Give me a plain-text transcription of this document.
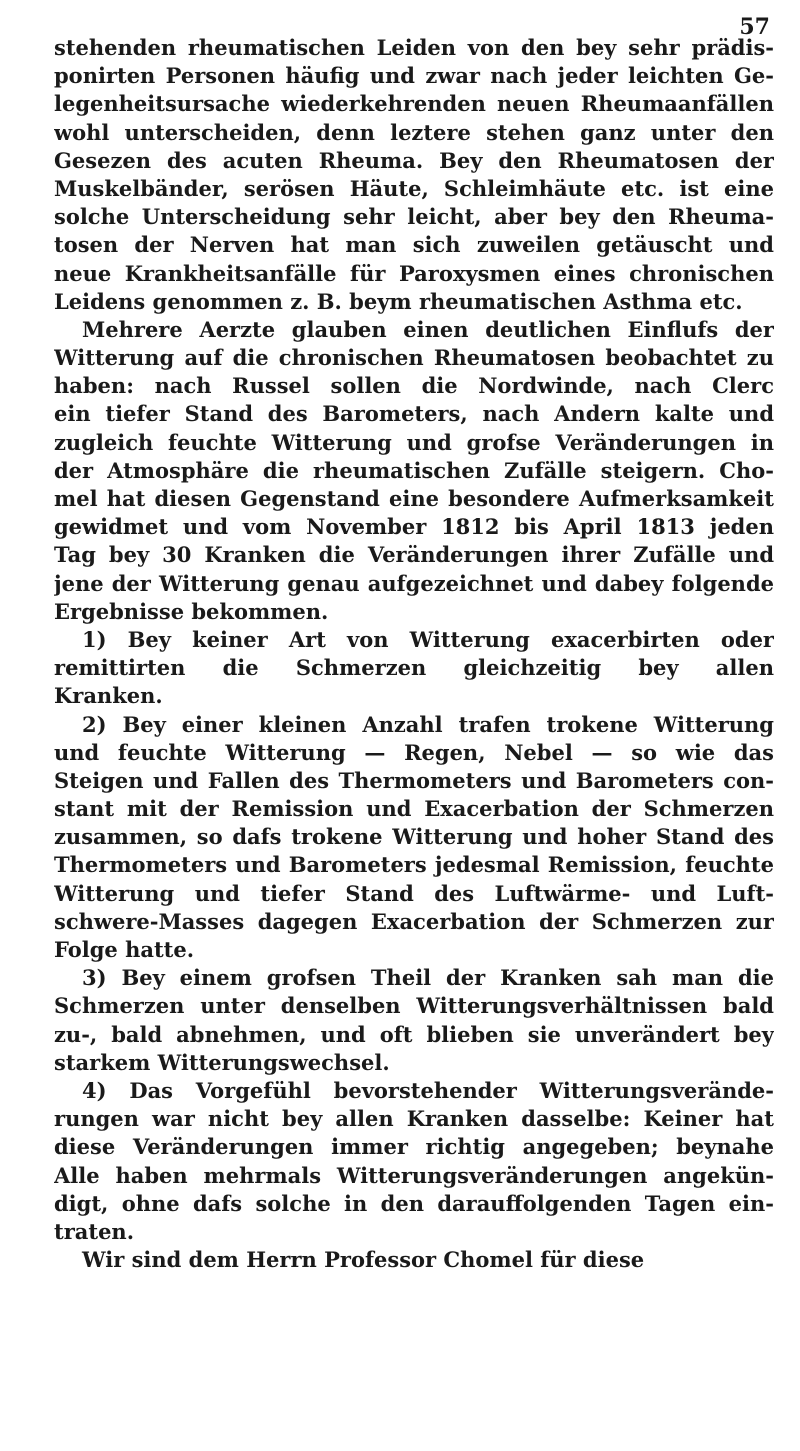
57
stehenden rheumatischen Leiden von den bey sehr prädis-
ponirten Personen häufig und zwar nach jeder leichten Ge-
legenheitsursache wiederkehrenden neuen Rheumaanfällen
wohl unterscheiden, denn leztere stehen ganz unter den
Gesezen des acuten Rheuma. Bey den Rheumatosen der
Muskelbänder, serösen Häute, Schleimhäute etc. ist eine
solche Unterscheidung sehr leicht, aber bey den Rheuma-
tosen der Nerven hat man sich zuweilen getäuscht und
neue Krankheitsanfälle für Paroxysmen eines chronischen
Leidens genommen z. B. beym rheumatischen Asthma etc.
Mehrere Aerzte glauben einen deutlichen Einflufs der
Witterung auf die chronischen Rheumatosen beobachtet zu
haben: nach Russel sollen die Nordwinde, nach Clerc
ein tiefer Stand des Barometers, nach Andern kalte und
zugleich feuchte Witterung und grofse Veränderungen in
der Atmosphäre die rheumatischen Zufälle steigern. Cho-
mel hat diesen Gegenstand eine besondere Aufmerksamkeit
gewidmet und vom November 1812 bis April 1813 jeden
Tag bey 30 Kranken die Veränderungen ihrer Zufälle und
jene der Witterung genau aufgezeichnet und dabey folgende
Ergebnisse bekommen.
1) Bey keiner Art von Witterung exacerbirten oder
remittirten die Schmerzen gleichzeitig bey allen
Kranken.
2) Bey einer kleinen Anzahl trafen trokene Witterung
und feuchte Witterung — Regen, Nebel — so wie das
Steigen und Fallen des Thermometers und Barometers con-
stant mit der Remission und Exacerbation der Schmerzen
zusammen, so dafs trokene Witterung und hoher Stand des
Thermometers und Barometers jedesmal Remission, feuchte
Witterung und tiefer Stand des Luftwärme- und Luft-
schwere-Masses dagegen Exacerbation der Schmerzen zur
Folge hatte.
3) Bey einem grofsen Theil der Kranken sah man die
Schmerzen unter denselben Witterungsverhältnissen bald
zu-, bald abnehmen, und oft blieben sie unverändert bey
starkem Witterungswechsel.
4) Das Vorgefühl bevorstehender Witterungsverände-
rungen war nicht bey allen Kranken dasselbe: Keiner hat
diese Veränderungen immer richtig angegeben; beynahe
Alle haben mehrmals Witterungsveränderungen angekün-
digt, ohne dafs solche in den darauffolgenden Tagen ein-
traten.
Wir sind dem Herrn Professor Chomel für diese
